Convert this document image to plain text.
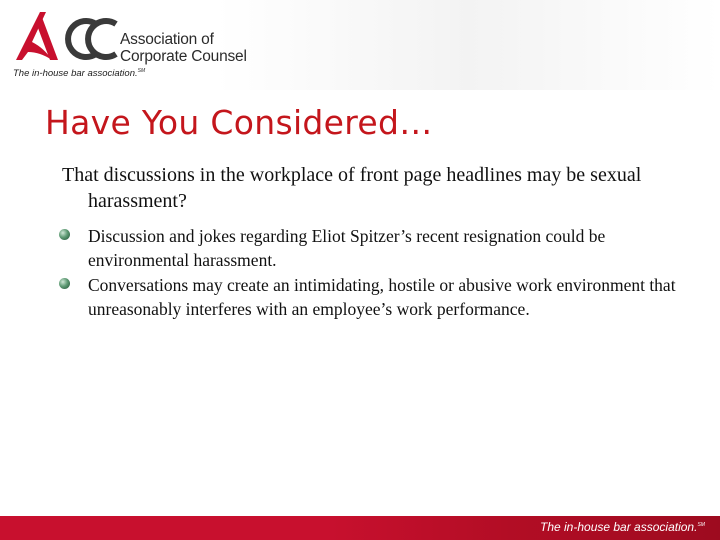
Association of
Corporate Counsel
The in-house bar association.℠
Have You Considered…
That discussions in the workplace of front page headlines may be sexual harassment?
Discussion and jokes regarding Eliot Spitzer’s recent resignation could be environmental harassment.
Conversations may create an intimidating, hostile or abusive work environment that unreasonably interferes with an employee’s work performance.
The in-house bar association.℠
